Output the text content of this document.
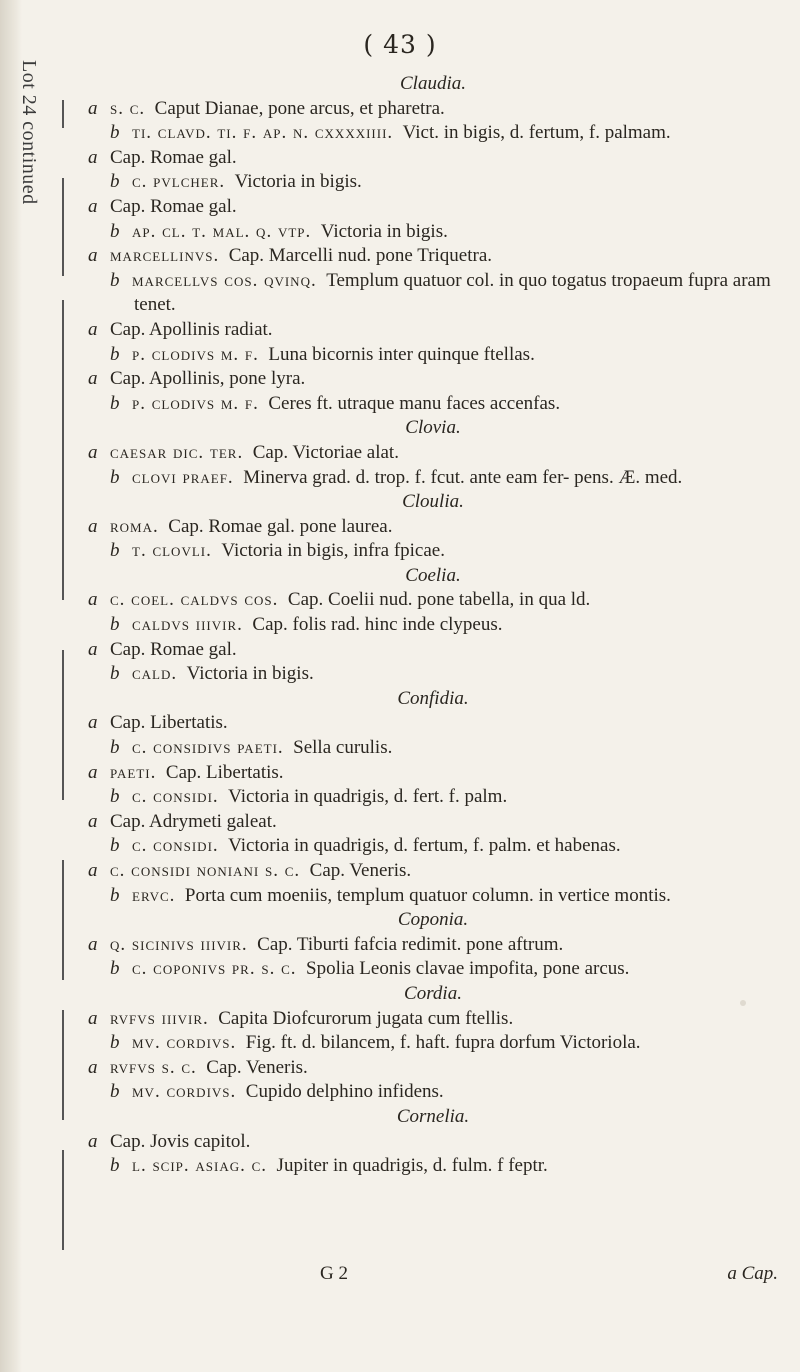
Lot 24 continued
( 43 )

Claudia.

a s. c. Caput Dianae, pone arcus, et pharetra.

b ti. clavd. ti. f. ap. n. cxxxxiiii. Vict. in bigis, d. fertum, f. palmam.

a Cap. Romae gal.

b c. pvlcher. Victoria in bigis.

a Cap. Romae gal.

b ap. cl. t. mal. q. vtp. Victoria in bigis.

a marcellinvs. Cap. Marcelli nud. pone Triquetra.

b marcellvs cos. qvinq. Templum quatuor col. in quo togatus tropaeum fupra aram tenet.

a Cap. Apollinis radiat.

b p. clodivs m. f. Luna bicornis inter quinque ftellas.

a Cap. Apollinis, pone lyra.

b p. clodivs m. f. Ceres ft. utraque manu faces accenfas.

Clovia.

a caesar dic. ter. Cap. Victoriae alat.

b clovi praef. Minerva grad. d. trop. f. fcut. ante eam fer- pens. Æ. med.

Cloulia.

a roma. Cap. Romae gal. pone laurea.

b t. clovli. Victoria in bigis, infra fpicae.

Coelia.

a c. coel. caldvs cos. Cap. Coelii nud. pone tabella, in qua ld.

b caldvs iiivir. Cap. folis rad. hinc inde clypeus.

a Cap. Romae gal.

b cald. Victoria in bigis.

Confidia.

a Cap. Libertatis.

b c. considivs paeti. Sella curulis.

a paeti. Cap. Libertatis.

b c. considi. Victoria in quadrigis, d. fert. f. palm.

a Cap. Adrymeti galeat.

b c. considi. Victoria in quadrigis, d. fertum, f. palm. et habenas.

a c. considi noniani s. c. Cap. Veneris.

b ervc. Porta cum moeniis, templum quatuor column. in vertice montis.

Coponia.

a q. sicinivs iiivir. Cap. Tiburti fafcia redimit. pone aftrum.

b c. coponivs pr. s. c. Spolia Leonis clavae impofita, pone arcus.

Cordia.

a rvfvs iiivir. Capita Diofcurorum jugata cum ftellis.

b mv. cordivs. Fig. ft. d. bilancem, f. haft. fupra dorfum Victoriola.

a rvfvs s. c. Cap. Veneris.

b mv. cordivs. Cupido delphino infidens.

Cornelia.

a Cap. Jovis capitol.

b l. scip. asiag. c. Jupiter in quadrigis, d. fulm. f feptr.

G 2	a Cap.
